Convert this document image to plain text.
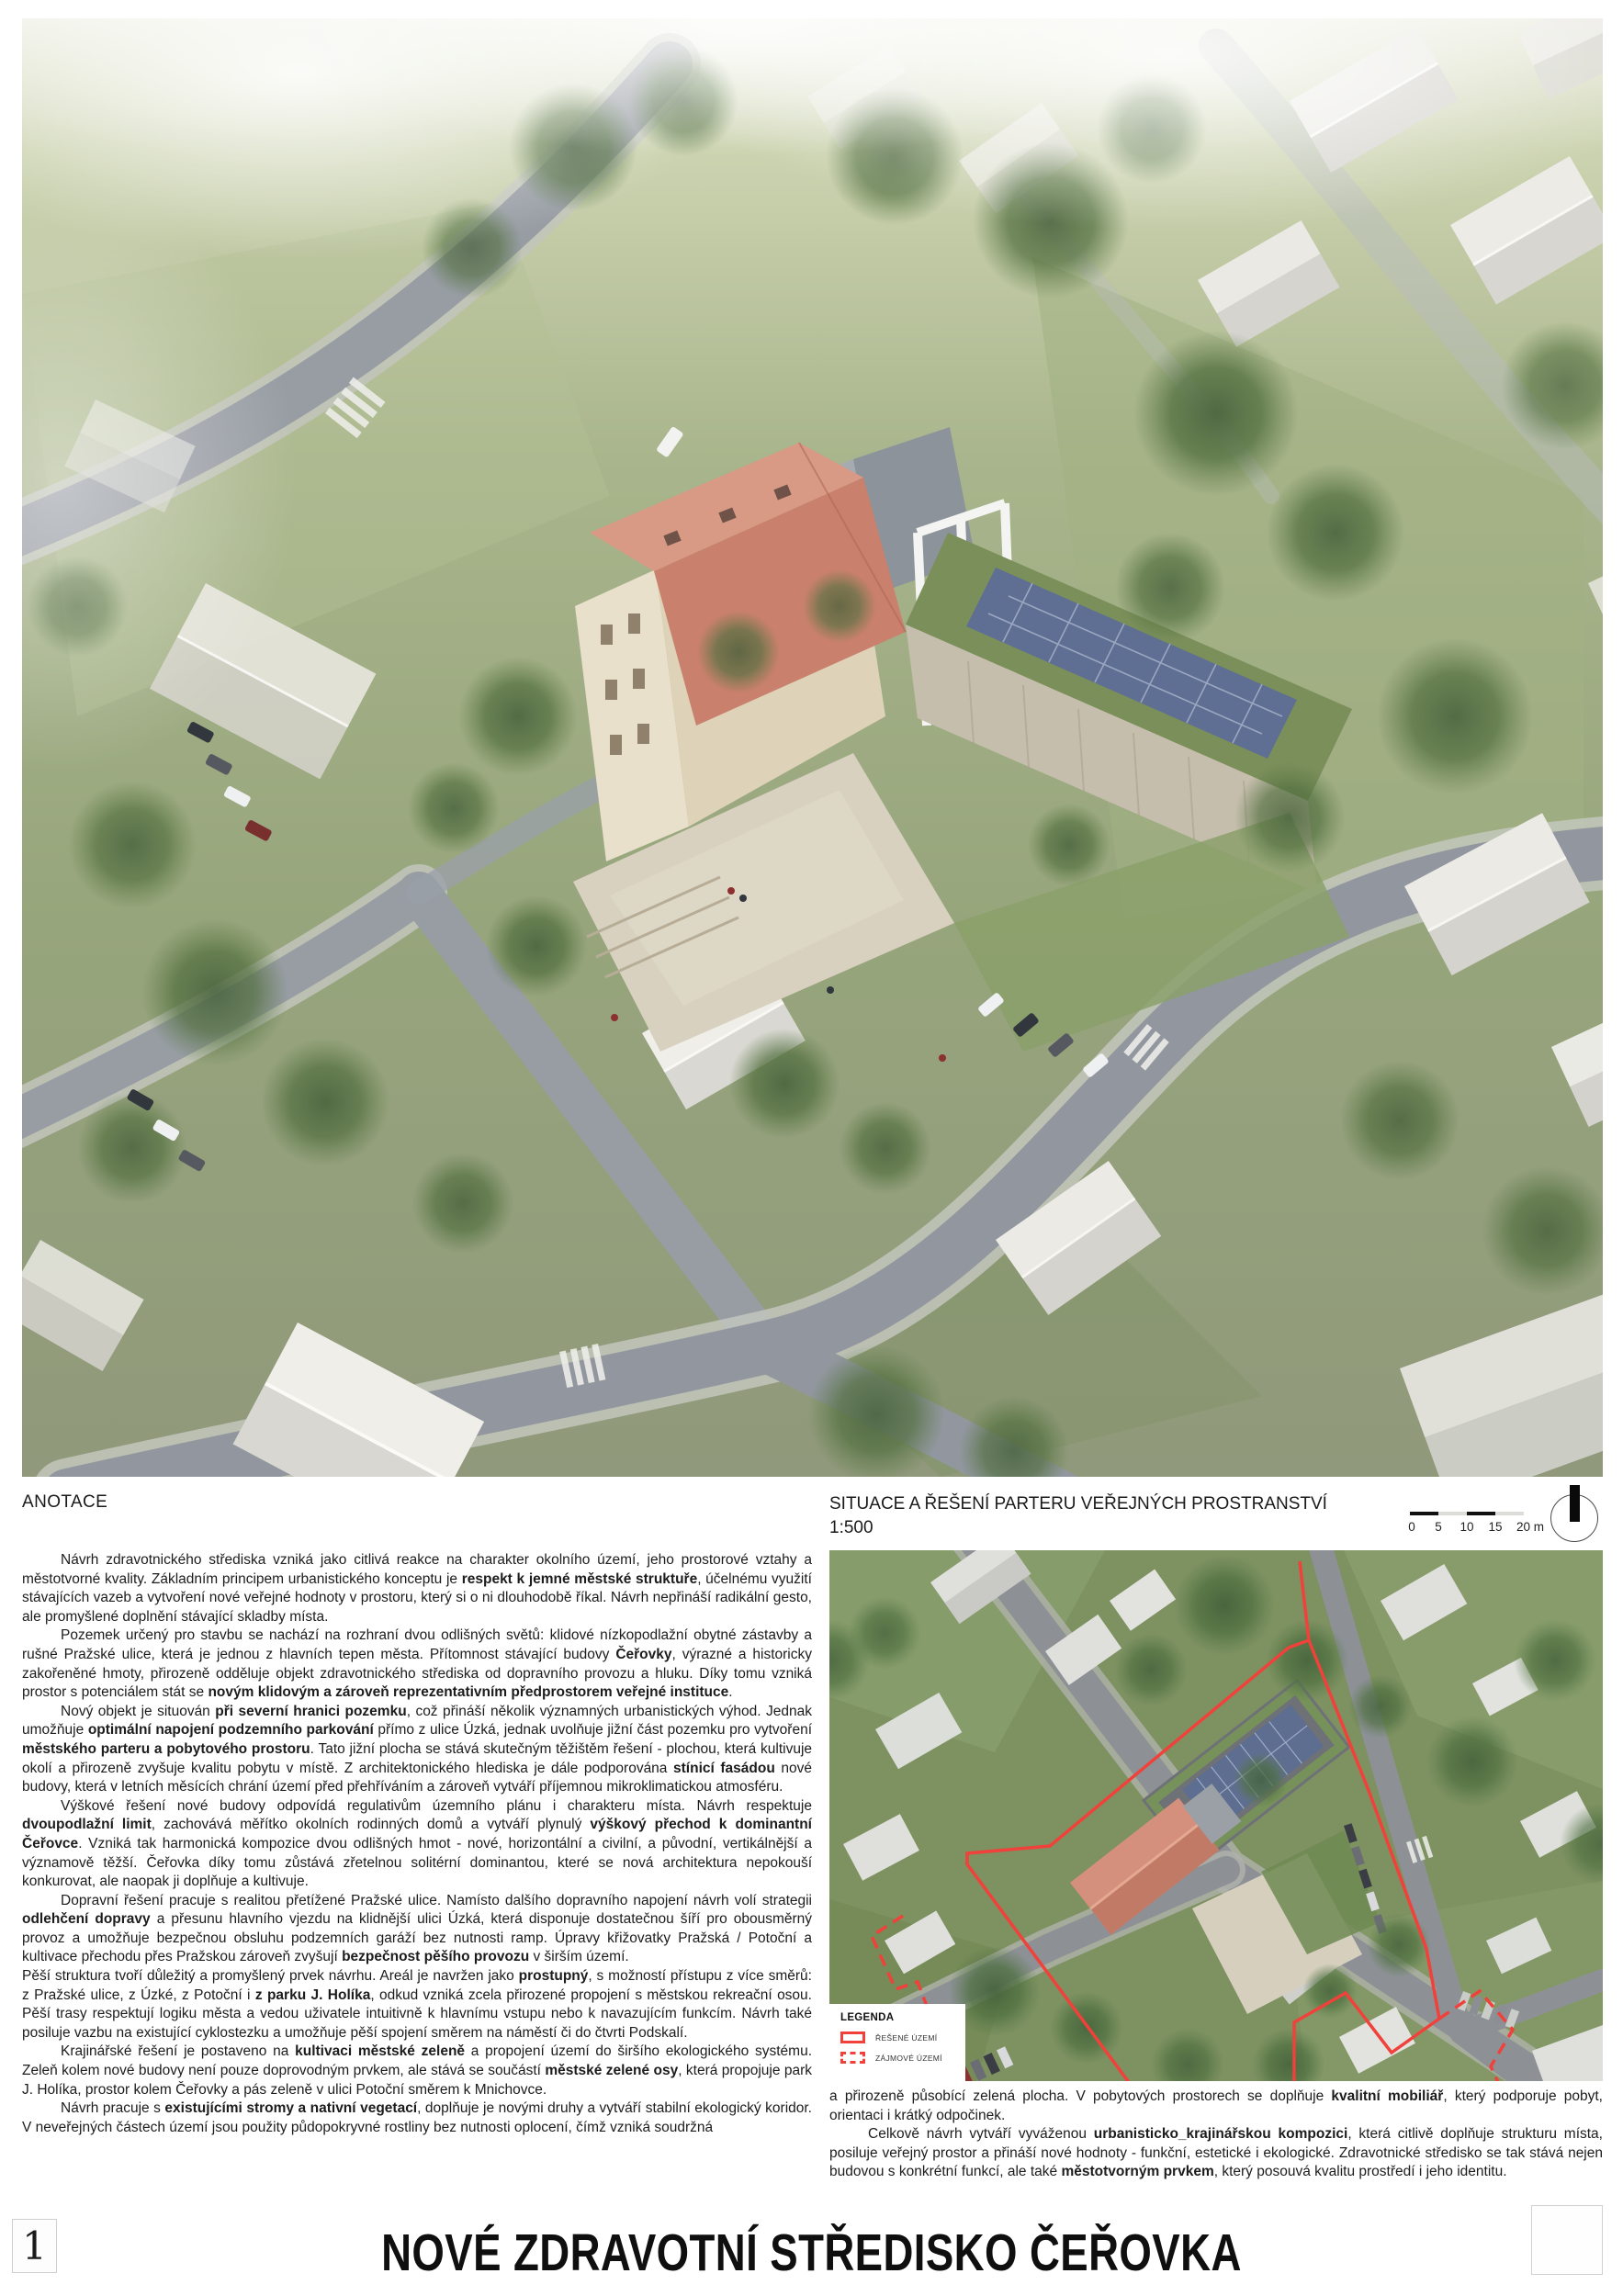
ANOTACE

Návrh zdravotnického střediska vzniká jako citlivá reakce na charakter okolního území, jeho prostorové vztahy a městotvorné kvality. Základním principem urbanistického konceptu je respekt k jemné městské struktuře, účelnému využití stávajících vazeb a vytvoření nové veřejné hodnoty v prostoru, který si o ni dlouhodobě říkal. Návrh nepřináší radikální gesto, ale promyšlené doplnění stávající skladby místa.

Pozemek určený pro stavbu se nachází na rozhraní dvou odlišných světů: klidové nízkopodlažní obytné zástavby a rušné Pražské ulice, která je jednou z hlavních tepen města. Přítomnost stávající budovy Čeřovky, výrazné a historicky zakořeněné hmoty, přirozeně odděluje objekt zdravotnického střediska od dopravního provozu a hluku. Díky tomu vzniká prostor s potenciálem stát se novým klidovým a zároveň reprezentativním předprostorem veřejné instituce.

Nový objekt je situován při severní hranici pozemku, což přináší několik významných urbanistických výhod. Jednak umožňuje optimální napojení podzemního parkování přímo z ulice Úzká, jednak uvolňuje jižní část pozemku pro vytvoření městského parteru a pobytového prostoru. Tato jižní plocha se stává skutečným těžištěm řešení - plochou, která kultivuje okolí a přirozeně zvyšuje kvalitu pobytu v místě. Z architektonického hlediska je dále podporována stínicí fasádou nové budovy, která v letních měsících chrání území před přehříváním a zároveň vytváří příjemnou mikroklimatickou atmosféru.

Výškové řešení nové budovy odpovídá regulativům územního plánu i charakteru místa. Návrh respektuje dvoupodlažní limit, zachovává měřítko okolních rodinných domů a vytváří plynulý výškový přechod k dominantní Čeřovce. Vzniká tak harmonická kompozice dvou odlišných hmot - nové, horizontální a civilní, a původní, vertikálnější a významově těžší. Čeřovka díky tomu zůstává zřetelnou solitérní dominantou, které se nová architektura nepokouší konkurovat, ale naopak ji doplňuje a kultivuje.

Dopravní řešení pracuje s realitou přetížené Pražské ulice. Namísto dalšího dopravního napojení návrh volí strategii odlehčení dopravy a přesunu hlavního vjezdu na klidnější ulici Úzká, která disponuje dostatečnou šíří pro obousměrný provoz a umožňuje bezpečnou obsluhu podzemních garáží bez nutnosti ramp. Úpravy křižovatky Pražská / Potoční a kultivace přechodu přes Pražskou zároveň zvyšují bezpečnost pěšího provozu v širším území.

Pěší struktura tvoří důležitý a promyšlený prvek návrhu. Areál je navržen jako prostupný, s možností přístupu z více směrů: z Pražské ulice, z Úzké, z Potoční i z parku J. Holíka, odkud vzniká zcela přirozené propojení s městskou rekreační osou. Pěší trasy respektují logiku města a vedou uživatele intuitivně k hlavnímu vstupu nebo k navazujícím funkcím. Návrh také posiluje vazbu na existující cyklostezku a umožňuje pěší spojení směrem na náměstí či do čtvrti Podskalí.

Krajinářské řešení je postaveno na kultivaci městské zeleně a propojení území do širšího ekologického systému. Zeleň kolem nové budovy není pouze doprovodným prvkem, ale stává se součástí městské zelené osy, která propojuje park J. Holíka, prostor kolem Čeřovky a pás zeleně v ulici Potoční směrem k Mnichovce.

Návrh pracuje s existujícími stromy a nativní vegetací, doplňuje je novými druhy a vytváří stabilní ekologický koridor. V neveřejných částech území jsou použity půdopokryvné rostliny bez nutnosti oplocení, čímž vzniká soudržná

SITUACE A ŘEŠENÍ PARTERU VEŘEJNÝCH PROSTRANSTVÍ
1:500	0 5 10 15 20 m
LEGENDA
ŘEŠENÉ ÚZEMÍ
ZÁJMOVÉ ÚZEMÍ

a přirozeně působící zelená plocha. V pobytových prostorech se doplňuje kvalitní mobiliář, který podporuje pobyt, orientaci i krátký odpočinek.

Celkově návrh vytváří vyváženou urbanisticko_krajinářskou kompozici, která citlivě doplňuje strukturu místa, posiluje veřejný prostor a přináší nové hodnoty - funkční, estetické i ekologické. Zdravotnické středisko se tak stává nejen budovou s konkrétní funkcí, ale také městotvorným prvkem, který posouvá kvalitu prostředí i jeho identitu.

1	NOVÉ ZDRAVOTNÍ STŘEDISKO ČEŘOVKA
